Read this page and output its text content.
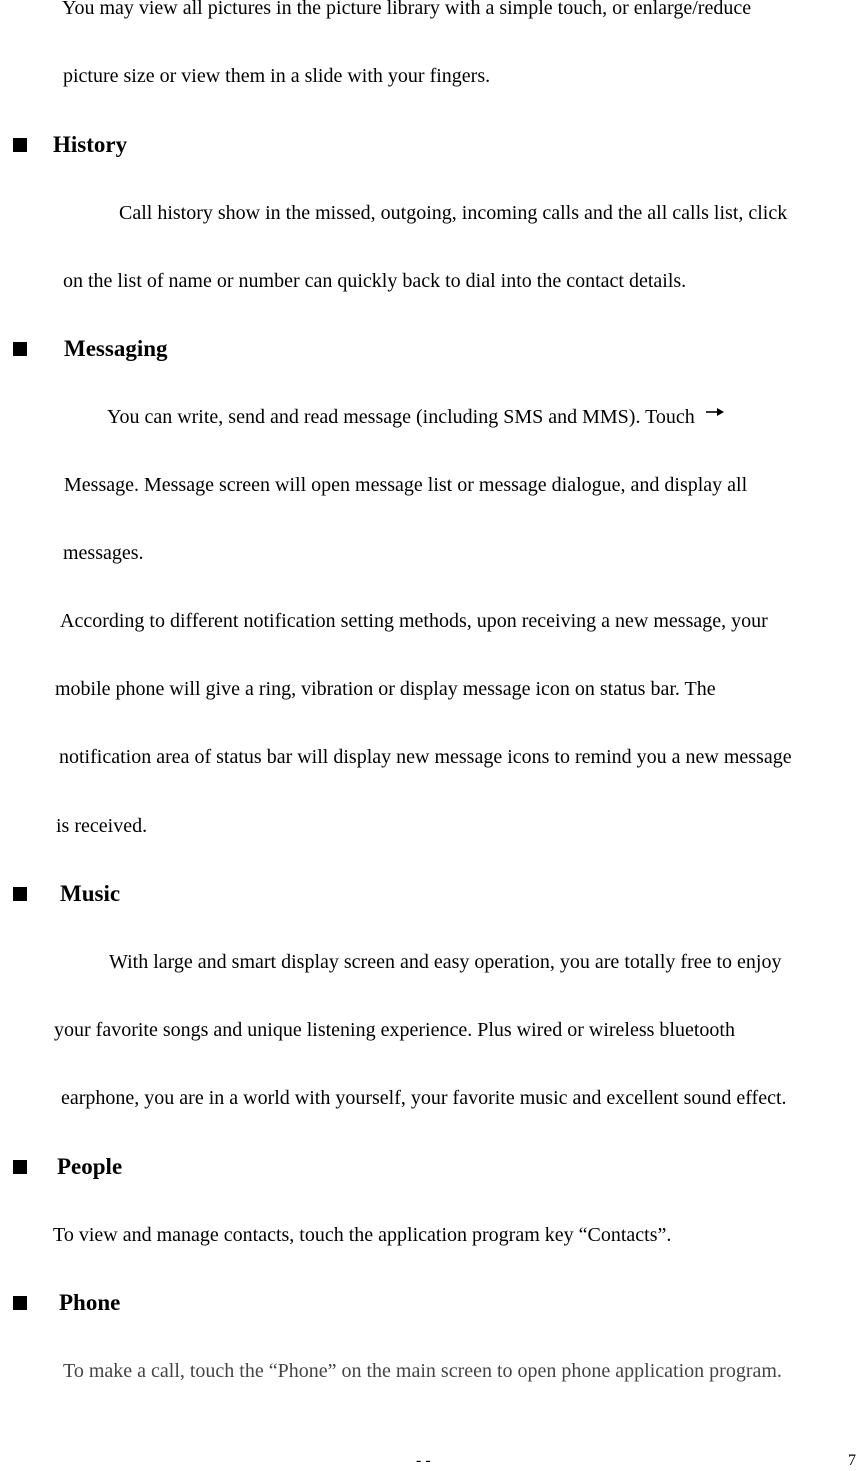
You may view all pictures in the picture library with a simple touch, or enlarge/reduce
picture size or view them in a slide with your fingers.
History
Call history show in the missed, outgoing, incoming calls and the all calls list, click
on the list of name or number can quickly back to dial into the contact details.
Messaging
You can write, send and read message (including SMS and MMS). Touch
Message. Message screen will open message list or message dialogue, and display all
messages.
According to different notification setting methods, upon receiving a new message, your
mobile phone will give a ring, vibration or display message icon on status bar. The
notification area of status bar will display new message icons to remind you a new message
is received.
Music
With large and smart display screen and easy operation, you are totally free to enjoy
your favorite songs and unique listening experience. Plus wired or wireless bluetooth
earphone, you are in a world with yourself, your favorite music and excellent sound effect.
People
To view and manage contacts, touch the application program key “Contacts”.
Phone
To make a call, touch the “Phone” on the main screen to open phone application program.
- -	7
